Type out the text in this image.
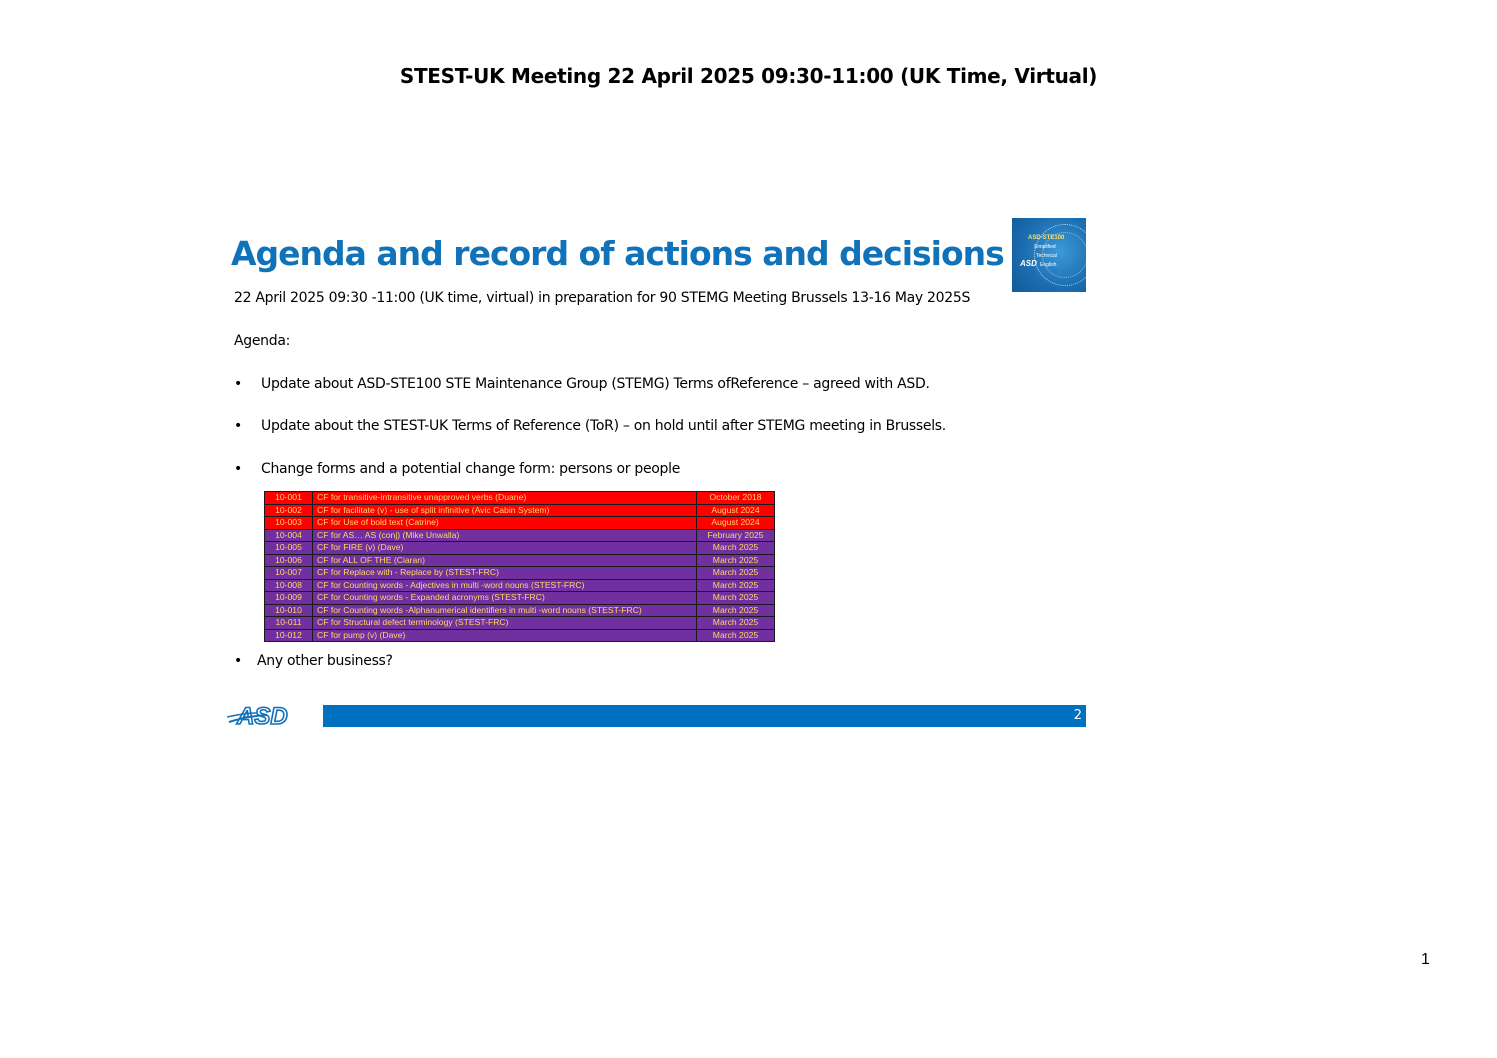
STEST-UK Meeting 22 April 2025 09:30-11:00 (UK Time, Virtual)
Agenda and record of actions and decisions	ASD-STE100
Simplified
Technical
ASD English
22 April 2025 09:30 -11:00 (UK time, virtual) in preparation for 90 STEMG Meeting Brussels 13-16 May 2025S
Agenda:
• Update about ASD-STE100 STE Maintenance Group (STEMG) Terms ofReference – agreed with ASD.
• Update about the STEST-UK Terms of Reference (ToR) – on hold until after STEMG meeting in Brussels.
• Change forms and a potential change form: persons or people
10-001	CF for transitive-intransitive unapproved verbs (Duane)	October 2018
10-002	CF for facilitate (v) - use of split infinitive (Avic Cabin System)	August 2024
10-003	CF for Use of bold text (Catrine)	August 2024
10-004	CF for AS… AS (conj) (Mike Unwalla)	February 2025
10-005	CF for FIRE (v) (Dave)	March 2025
10-006	CF for ALL OF THE (Ciaran)	March 2025
10-007	CF for Replace with - Replace by (STEST-FRC)	March 2025
10-008	CF for Counting words - Adjectives in multi -word nouns (STEST-FRC)	March 2025
10-009	CF for Counting words - Expanded acronyms (STEST-FRC)	March 2025
10-010	CF for Counting words -Alphanumerical identifiers in multi -word nouns (STEST-FRC)	March 2025
10-011	CF for Structural defect terminology (STEST-FRC)	March 2025
10-012	CF for pump (v) (Dave)	March 2025
• Any other business?
ASD	2
1
